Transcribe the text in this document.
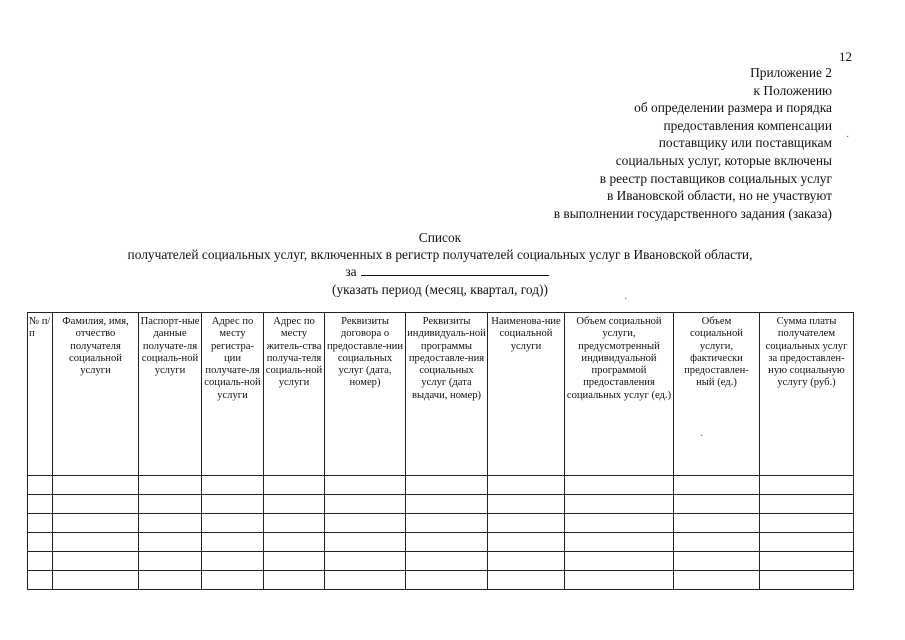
12
Приложение 2
к Положению
об определении размера и порядка
предоставления компенсации
поставщику или поставщикам
социальных услуг, которые включены
в реестр поставщиков социальных услуг
в Ивановской области, но не участвуют
в выполнении государственного задания (заказа)
Список
получателей социальных услуг, включенных в регистр получателей социальных услуг в Ивановской области,
за
(указать период (месяц, квартал, год))
№ п/п	Фамилия, имя, отчество получателя социальной услуги	Паспорт-ные данные получате-ля социаль-ной услуги	Адрес по месту регистра-ции получате-ля социаль-ной услуги	Адрес по месту житель-ства получа-теля социаль-ной услуги	Реквизиты договора о предоставле-нии социальных услуг (дата, номер)	Реквизиты индивидуаль-ной программы предоставле-ния социальных услуг (дата выдачи, номер)	Наименова-ние социальной услуги	Объем социальной услуги, предусмотренный индивидуальной программой предоставления социальных услуг (ед.)	Объем социальной услуги, фактически предоставлен-ный (ед.)	Сумма платы получателем социальных услуг за предоставлен-ную социальную услугу (руб.)

·
·
·
